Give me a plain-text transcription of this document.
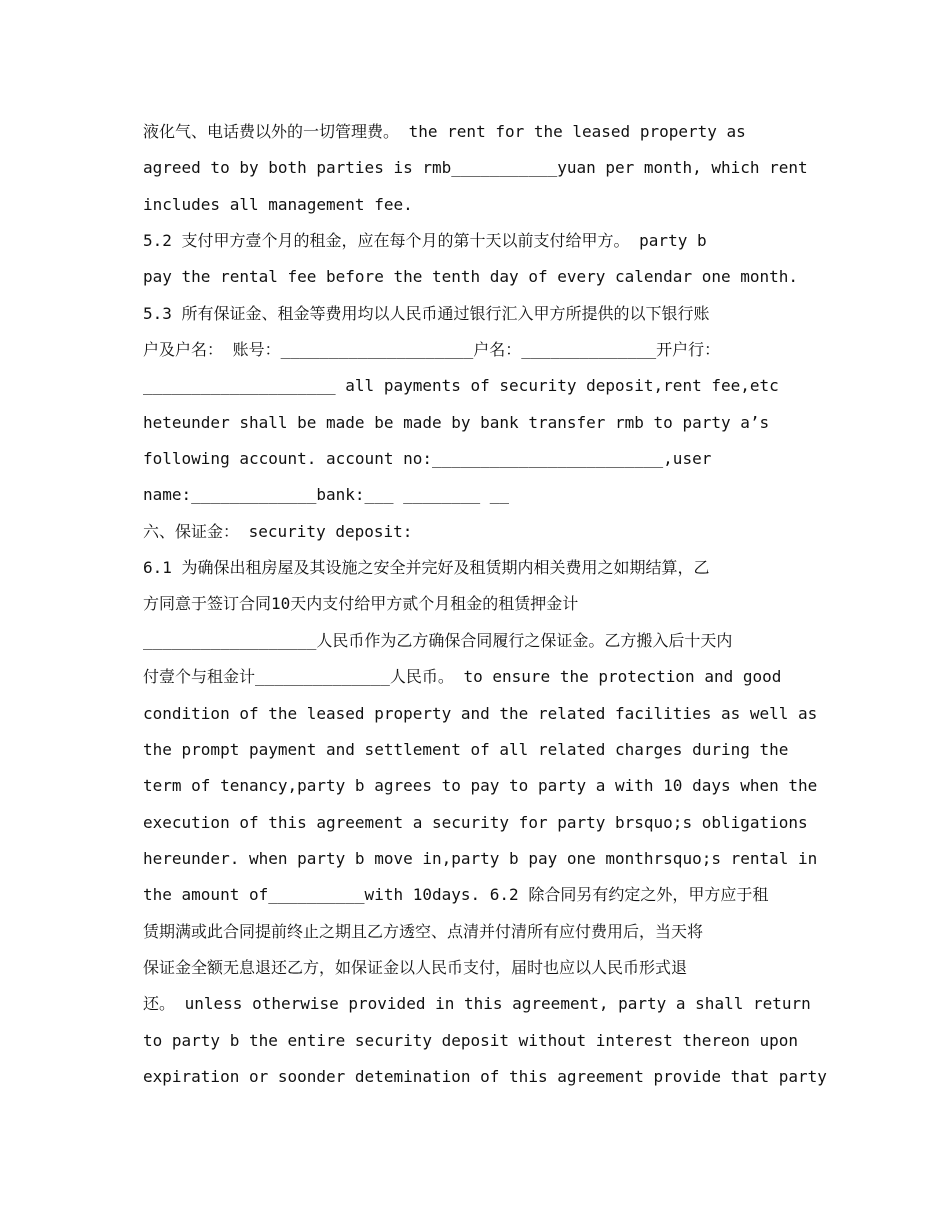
液化气、电话费以外的一切管理费。 the rent for the leased property as
agreed to by both parties is rmb___________yuan per month, which rent
includes all management fee.
5.2 支付甲方壹个月的租金，应在每个月的第十天以前支付给甲方。 party b
pay the rental fee before the tenth day of every calendar one month.
5.3 所有保证金、租金等费用均以人民币通过银行汇入甲方所提供的以下银行账
户及户名： 账号：____________________户名：______________开户行：
____________________ all payments of security deposit,rent fee,etc
heteunder shall be made be made by bank transfer rmb to party a’s
following account. account no:________________________,user
name:_____________bank:___ ________ __
六、保证金： security deposit:
6.1 为确保出租房屋及其设施之安全并完好及租赁期内相关费用之如期结算，乙
方同意于签订合同10天内支付给甲方贰个月租金的租赁押金计
__________________人民币作为乙方确保合同履行之保证金。乙方搬入后十天内
付壹个与租金计______________人民币。 to ensure the protection and good
condition of the leased property and the related facilities as well as
the prompt payment and settlement of all related charges during the
term of tenancy,party b agrees to pay to party a with 10 days when the
execution of this agreement a security for party brsquo;s obligations
hereunder. when party b move in,party b pay one monthrsquo;s rental in
the amount of__________with 10days. 6.2 除合同另有约定之外，甲方应于租
赁期满或此合同提前终止之期且乙方透空、点清并付清所有应付费用后，当天将
保证金全额无息退还乙方，如保证金以人民币支付，届时也应以人民币形式退
还。 unless otherwise provided in this agreement, party a shall return
to party b the entire security deposit without interest thereon upon
expiration or soonder detemination of this agreement provide that party
